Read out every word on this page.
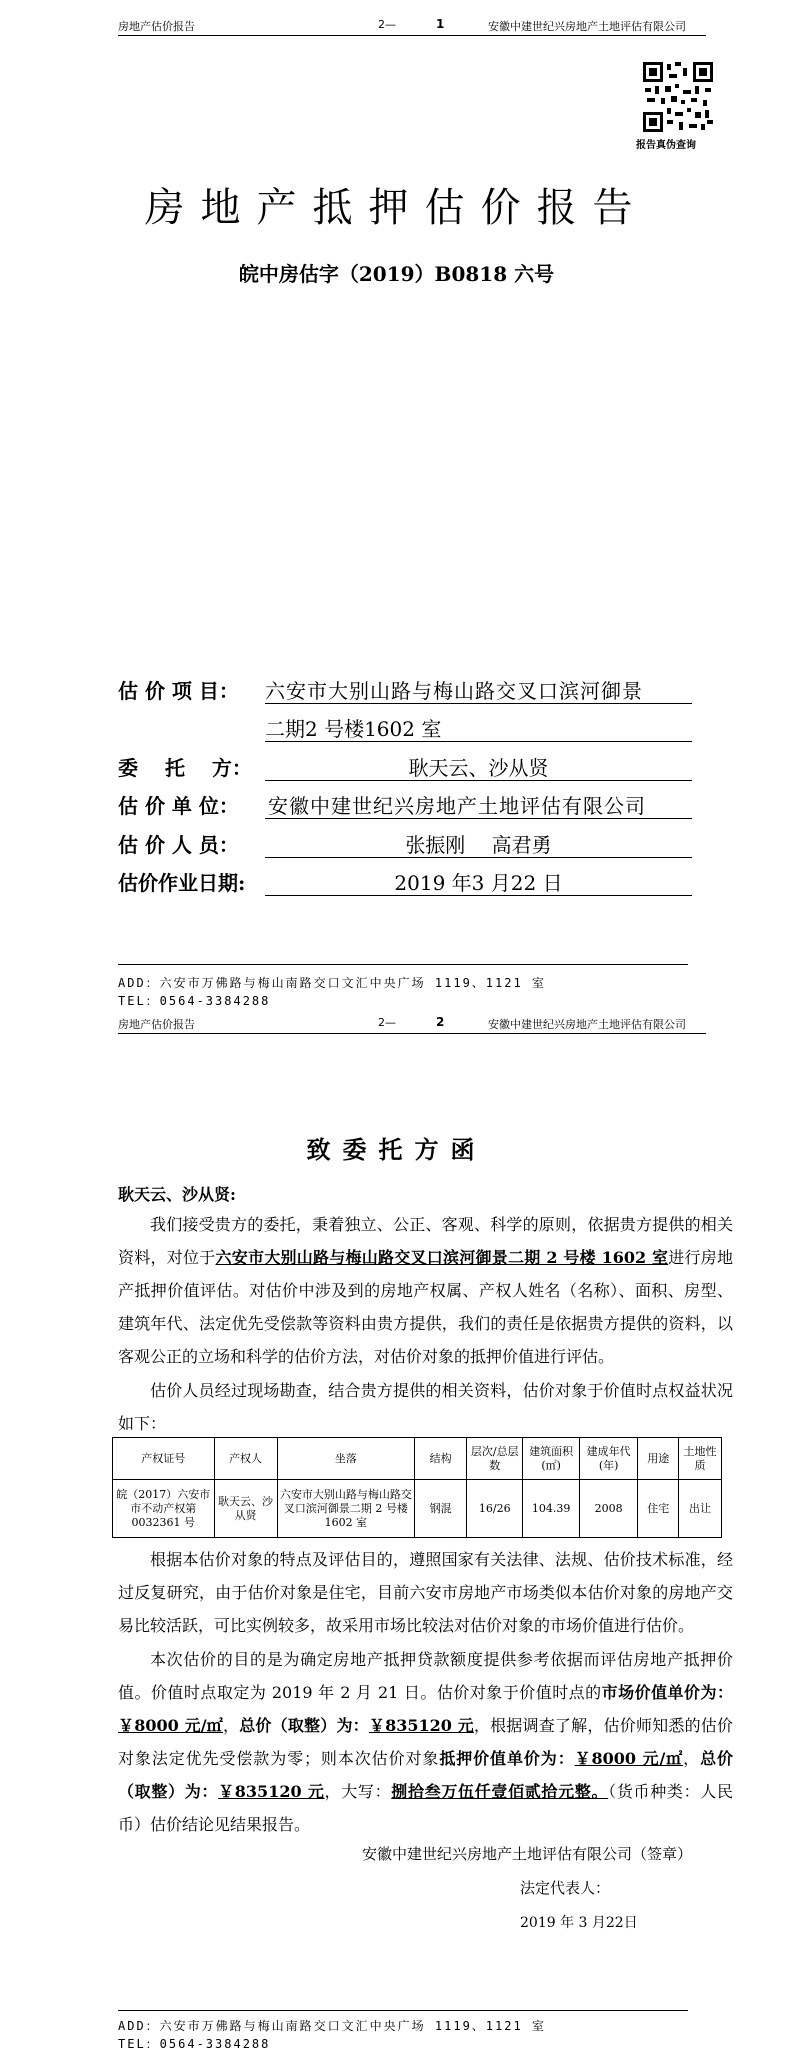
房地产估价报告	2—	1	安徽中建世纪兴房地产土地评估有限公司
报告真伪查询
房地产抵押估价报告
皖中房估字（2019）B0818 六号
估 价 项 目： 六安市大别山路与梅山路交叉口滨河御景
二期2 号楼1602 室
委　 托　 方：	耿天云、沙从贤
估 价 单 位： 安徽中建世纪兴房地产土地评估有限公司
估 价 人 员：	张振刚　 高君勇
估价作业日期:	2019 年3 月22 日
ADD：六安市万佛路与梅山南路交口文汇中央广场 1119、1121 室
TEL：0564-3384288
房地产估价报告	2—	2	安徽中建世纪兴房地产土地评估有限公司
致委托方函
耿天云、沙从贤:
我们接受贵方的委托，秉着独立、公正、客观、科学的原则，依据贵方提供的相关资料，对位于六安市大别山路与梅山路交叉口滨河御景二期 2 号楼 1602 室进行房地产抵押价值评估。对估价中涉及到的房地产权属、产权人姓名（名称）、面积、房型、建筑年代、法定优先受偿款等资料由贵方提供，我们的责任是依据贵方提供的资料，以客观公正的立场和科学的估价方法，对估价对象的抵押价值进行评估。
估价人员经过现场勘查，结合贵方提供的相关资料，估价对象于价值时点权益状况如下：
产权证号	产权人	坐落	结构	层次/总层数	建筑面积(㎡)	建成年代(年)	用途	土地性质
皖（2017）六安市市不动产权第0032361 号	耿天云、沙从贤	六安市大别山路与梅山路交叉口滨河御景二期 2 号楼1602 室	钢混	16/26	104.39	2008	住宅	出让
根据本估价对象的特点及评估目的，遵照国家有关法律、法规、估价技术标准，经过反复研究，由于估价对象是住宅，目前六安市房地产市场类似本估价对象的房地产交易比较活跃，可比实例较多，故采用市场比较法对估价对象的市场价值进行估价。
本次估价的目的是为确定房地产抵押贷款额度提供参考依据而评估房地产抵押价值。价值时点取定为 2019 年 2 月 21 日。估价对象于价值时点的市场价值单价为：￥8000 元/㎡，总价（取整）为：￥835120 元，根据调查了解，估价师知悉的估价对象法定优先受偿款为零；则本次估价对象抵押价值单价为：￥8000 元/㎡，总价（取整）为：￥835120 元，大写：捌拾叁万伍仟壹佰贰拾元整。（货币种类：人民币） 估价结论见结果报告。
安徽中建世纪兴房地产土地评估有限公司（签章）
法定代表人：
2019 年 3 月22日
ADD：六安市万佛路与梅山南路交口文汇中央广场 1119、1121 室
TEL：0564-3384288
